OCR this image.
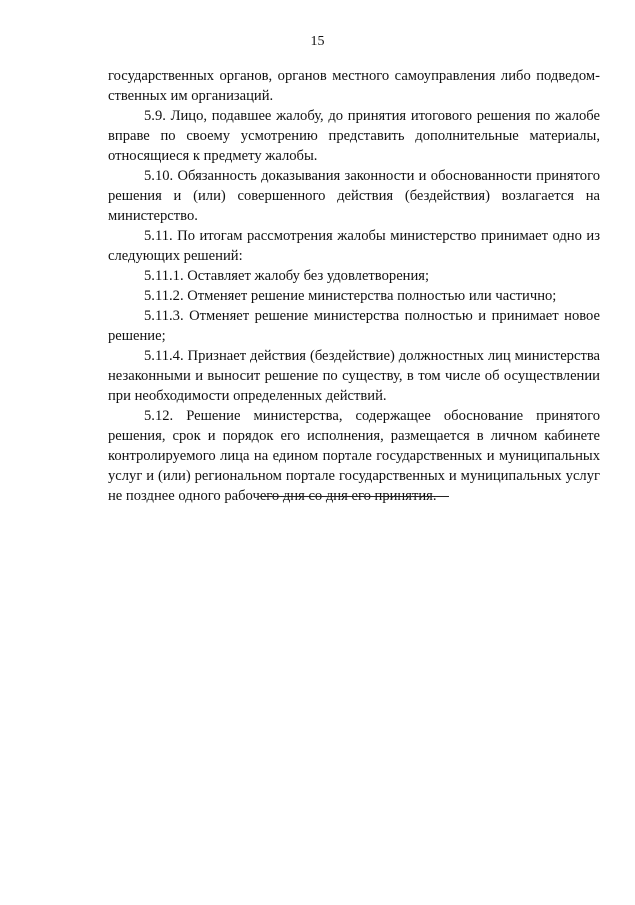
15

государственных органов, органов местного самоуправления либо подведомственных им организаций.

5.9. Лицо, подавшее жалобу, до принятия итогового решения по жалобе вправе по своему усмотрению представить дополнительные материалы, относящиеся к предмету жалобы.

5.10. Обязанность доказывания законности и обоснованности принятого решения и (или) совершенного действия (бездействия) возлагается на министерство.

5.11. По итогам рассмотрения жалобы министерство принимает одно из следующих решений:

5.11.1. Оставляет жалобу без удовлетворения;

5.11.2. Отменяет решение министерства полностью или частично;

5.11.3. Отменяет решение министерства полностью и принимает новое решение;

5.11.4. Признает действия (бездействие) должностных лиц министерства незаконными и выносит решение по существу, в том числе об осуществлении при необходимости определенных действий.

5.12. Решение министерства, содержащее обоснование принятого решения, срок и порядок его исполнения, размещается в личном кабинете контролируемого лица на едином портале государственных и муниципальных услуг и (или) региональном портале государственных и муниципальных услуг не позднее одного рабочего дня со дня его принятия.
